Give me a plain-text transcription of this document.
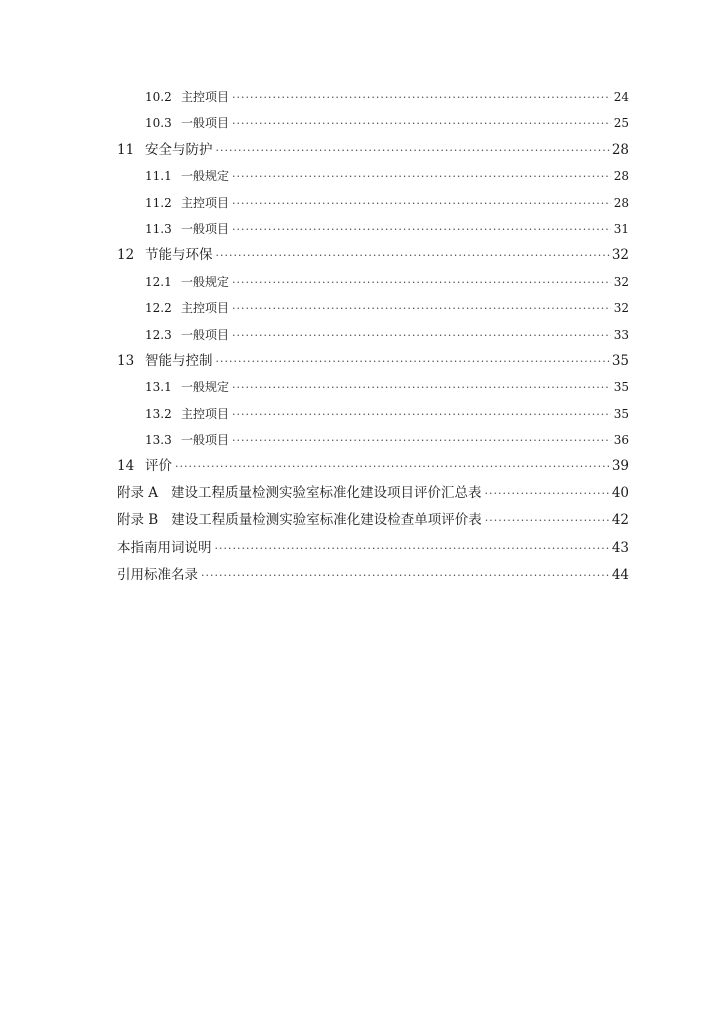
10.2 主控项目 ·····	24
10.3 一般项目 ·····	25
11 安全与防护 ·····	28
11.1 一般规定 ·····	28
11.2 主控项目 ·····	28
11.3 一般项目 ·····	31
12 节能与环保 ·····	32
12.1 一般规定 ·····	32
12.2 主控项目 ·····	32
12.3 一般项目 ·····	33
13 智能与控制 ·····	35
13.1 一般规定 ·····	35
13.2 主控项目 ·····	35
13.3 一般项目 ·····	36
14 评价 ·····	39
附录 A 建设工程质量检测实验室标准化建设项目评价汇总表 ·····	40
附录 B 建设工程质量检测实验室标准化建设检查单项评价表 ·····	42
本指南用词说明 ·····	43
引用标准名录 ·····	44
